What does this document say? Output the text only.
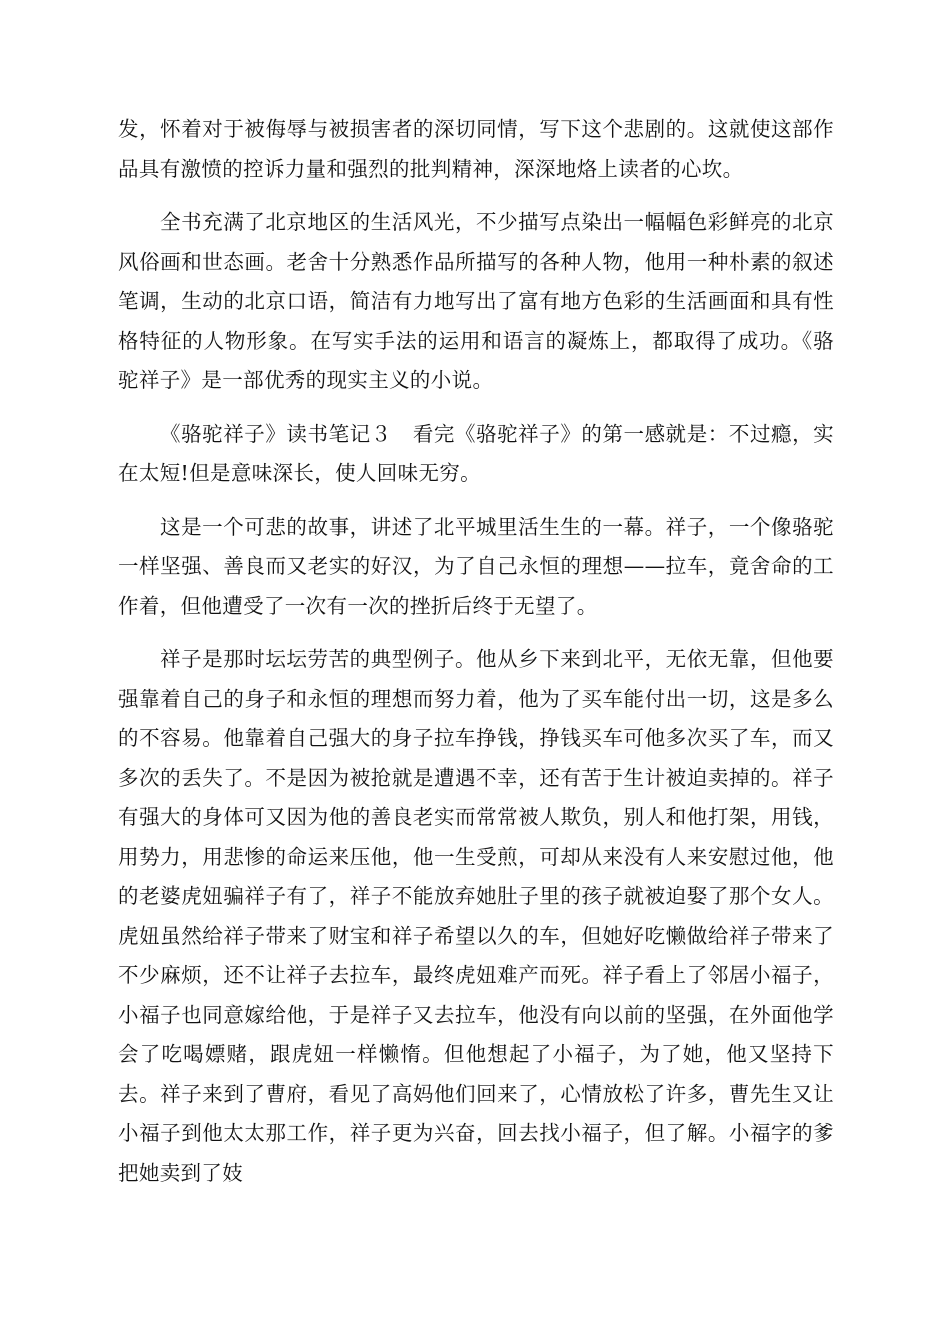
发，怀着对于被侮辱与被损害者的深切同情，写下这个悲剧的。这就使这部作品具有激愤的控诉力量和强烈的批判精神，深深地烙上读者的心坎。

全书充满了北京地区的生活风光，不少描写点染出一幅幅色彩鲜亮的北京风俗画和世态画。老舍十分熟悉作品所描写的各种人物，他用一种朴素的叙述笔调，生动的北京口语，简洁有力地写出了富有地方色彩的生活画面和具有性格特征的人物形象。在写实手法的运用和语言的凝炼上，都取得了成功。《骆驼祥子》是一部优秀的现实主义的小说。

《骆驼祥子》读书笔记３　看完《骆驼祥子》的第一感就是：不过瘾，实在太短!但是意味深长，使人回味无穷。

这是一个可悲的故事，讲述了北平城里活生生的一幕。祥子，一个像骆驼一样坚强、善良而又老实的好汉，为了自己永恒的理想——拉车，竟舍命的工作着，但他遭受了一次有一次的挫折后终于无望了。

祥子是那时坛坛劳苦的典型例子。他从乡下来到北平，无依无靠，但他要强靠着自己的身子和永恒的理想而努力着，他为了买车能付出一切，这是多么的不容易。他靠着自己强大的身子拉车挣钱，挣钱买车可他多次买了车，而又多次的丢失了。不是因为被抢就是遭遇不幸，还有苦于生计被迫卖掉的。祥子有强大的身体可又因为他的善良老实而常常被人欺负，别人和他打架，用钱，用势力，用悲惨的命运来压他，他一生受煎，可却从来没有人来安慰过他，他的老婆虎妞骗祥子有了，祥子不能放弃她肚子里的孩子就被迫娶了那个女人。虎妞虽然给祥子带来了财宝和祥子希望以久的车，但她好吃懒做给祥子带来了不少麻烦，还不让祥子去拉车，最终虎妞难产而死。祥子看上了邻居小福子，小福子也同意嫁给他，于是祥子又去拉车，他没有向以前的坚强，在外面他学会了吃喝嫖赌，跟虎妞一样懒惰。但他想起了小福子，为了她，他又坚持下去。祥子来到了曹府，看见了高妈他们回来了，心情放松了许多，曹先生又让小福子到他太太那工作，祥子更为兴奋，回去找小福子，但了解。小福字的爹把她卖到了妓
